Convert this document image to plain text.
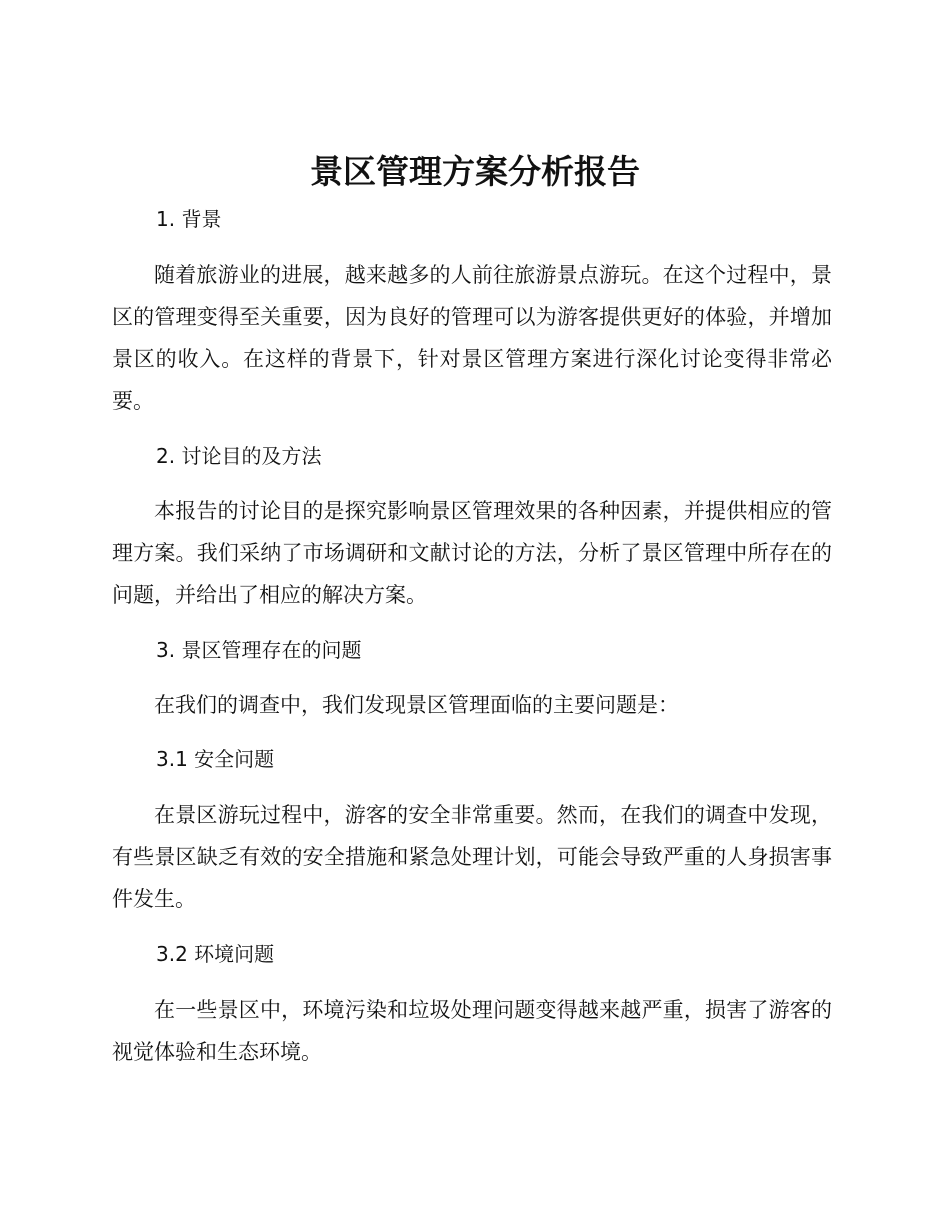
景区管理方案分析报告
1. 背景

随着旅游业的进展，越来越多的人前往旅游景点游玩。在这个过程中，景区的管理变得至关重要，因为良好的管理可以为游客提供更好的体验，并增加景区的收入。在这样的背景下，针对景区管理方案进行深化讨论变得非常必要。

2. 讨论目的及方法

本报告的讨论目的是探究影响景区管理效果的各种因素，并提供相应的管理方案。我们采纳了市场调研和文献讨论的方法，分析了景区管理中所存在的问题，并给出了相应的解决方案。

3. 景区管理存在的问题

在我们的调查中，我们发现景区管理面临的主要问题是：

3.1 安全问题

在景区游玩过程中，游客的安全非常重要。然而，在我们的调查中发现，有些景区缺乏有效的安全措施和紧急处理计划，可能会导致严重的人身损害事件发生。

3.2 环境问题

在一些景区中，环境污染和垃圾处理问题变得越来越严重，损害了游客的视觉体验和生态环境。
